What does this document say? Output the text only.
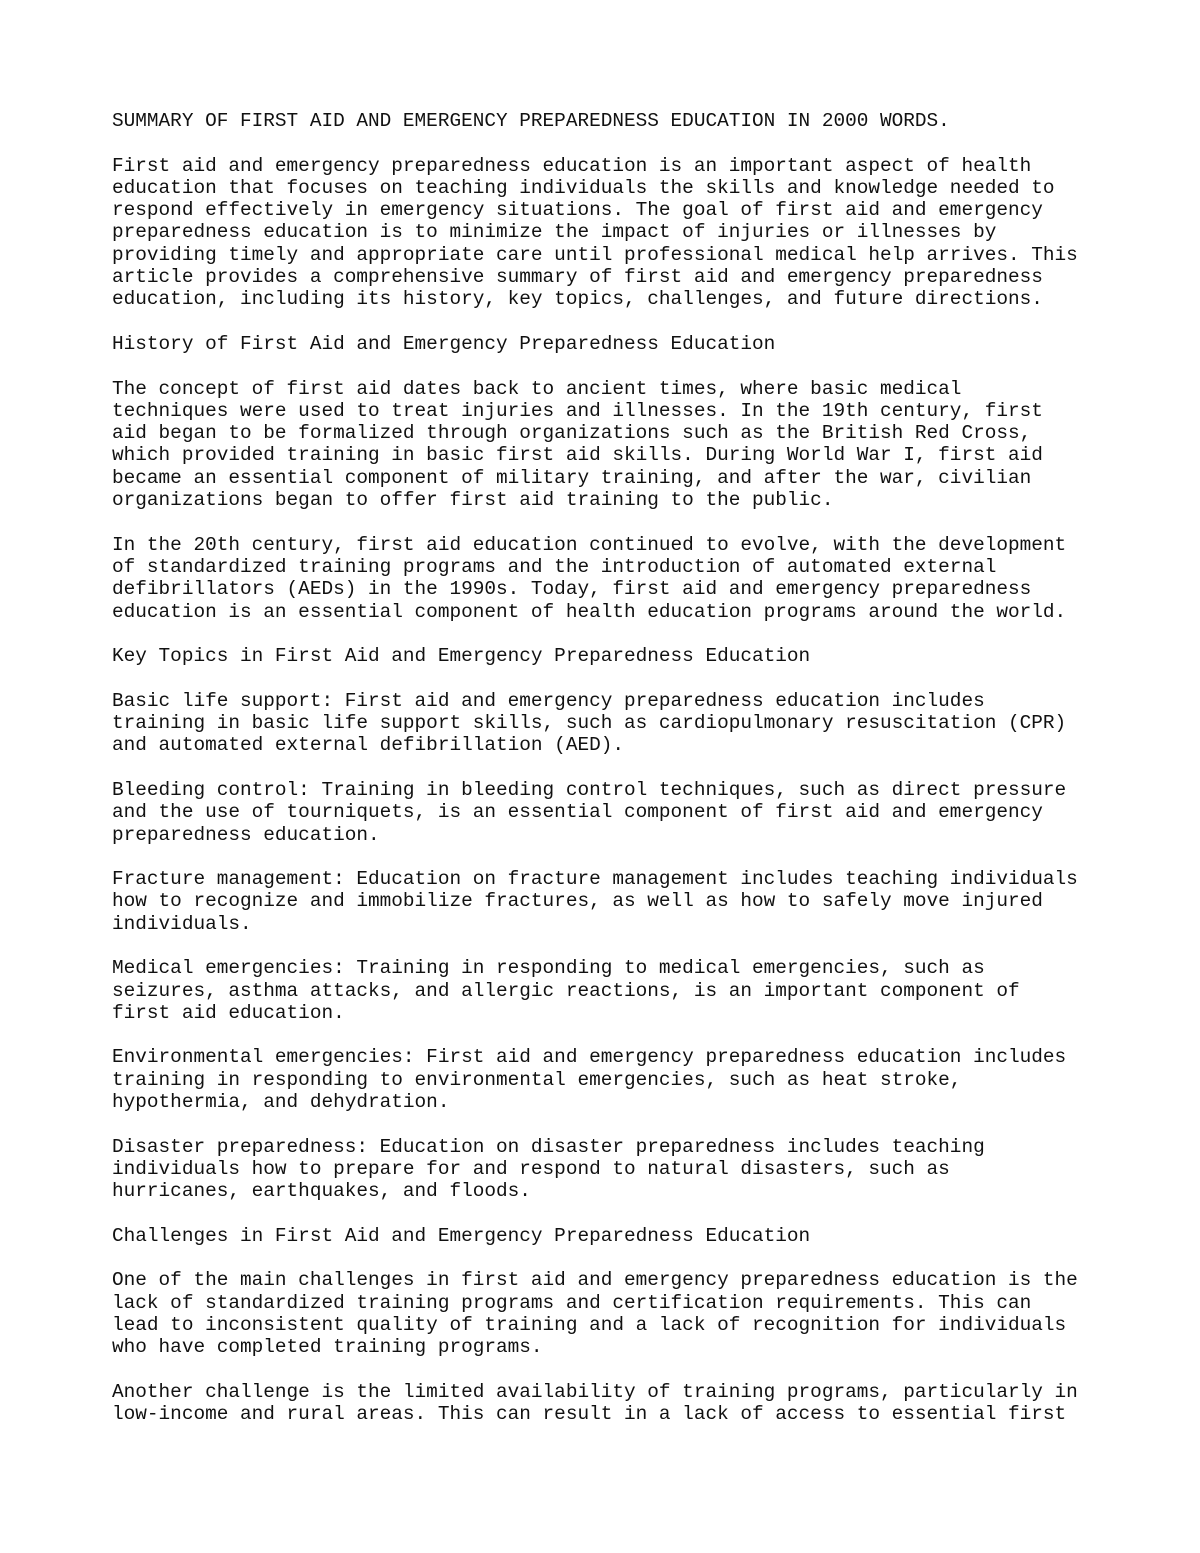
SUMMARY OF FIRST AID AND EMERGENCY PREPAREDNESS EDUCATION IN 2000 WORDS.
First aid and emergency preparedness education is an important aspect of health
education that focuses on teaching individuals the skills and knowledge needed to
respond effectively in emergency situations. The goal of first aid and emergency
preparedness education is to minimize the impact of injuries or illnesses by
providing timely and appropriate care until professional medical help arrives. This
article provides a comprehensive summary of first aid and emergency preparedness
education, including its history, key topics, challenges, and future directions.
History of First Aid and Emergency Preparedness Education
The concept of first aid dates back to ancient times, where basic medical
techniques were used to treat injuries and illnesses. In the 19th century, first
aid began to be formalized through organizations such as the British Red Cross,
which provided training in basic first aid skills. During World War I, first aid
became an essential component of military training, and after the war, civilian
organizations began to offer first aid training to the public.
In the 20th century, first aid education continued to evolve, with the development
of standardized training programs and the introduction of automated external
defibrillators (AEDs) in the 1990s. Today, first aid and emergency preparedness
education is an essential component of health education programs around the world.
Key Topics in First Aid and Emergency Preparedness Education
Basic life support: First aid and emergency preparedness education includes
training in basic life support skills, such as cardiopulmonary resuscitation (CPR)
and automated external defibrillation (AED).
Bleeding control: Training in bleeding control techniques, such as direct pressure
and the use of tourniquets, is an essential component of first aid and emergency
preparedness education.
Fracture management: Education on fracture management includes teaching individuals
how to recognize and immobilize fractures, as well as how to safely move injured
individuals.
Medical emergencies: Training in responding to medical emergencies, such as
seizures, asthma attacks, and allergic reactions, is an important component of
first aid education.
Environmental emergencies: First aid and emergency preparedness education includes
training in responding to environmental emergencies, such as heat stroke,
hypothermia, and dehydration.
Disaster preparedness: Education on disaster preparedness includes teaching
individuals how to prepare for and respond to natural disasters, such as
hurricanes, earthquakes, and floods.
Challenges in First Aid and Emergency Preparedness Education
One of the main challenges in first aid and emergency preparedness education is the
lack of standardized training programs and certification requirements. This can
lead to inconsistent quality of training and a lack of recognition for individuals
who have completed training programs.
Another challenge is the limited availability of training programs, particularly in
low-income and rural areas. This can result in a lack of access to essential first
